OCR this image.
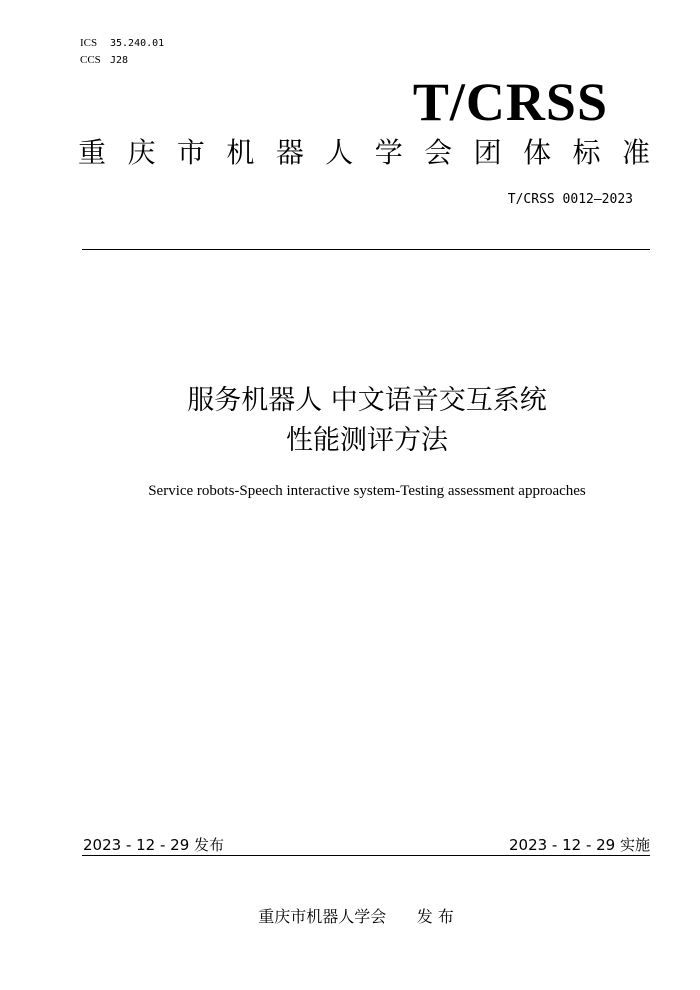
ICS 35.240.01
CCS J28
T/CRSS
重 庆 市 机 器 人 学 会 团 体 标 准
T/CRSS 0012—2023
服务机器人 中文语音交互系统
性能测评方法
Service robots-Speech interactive system-Testing assessment approaches
2023 - 12 - 29 发布	2023 - 12 - 29 实施
重庆市机器人学会      发 布
